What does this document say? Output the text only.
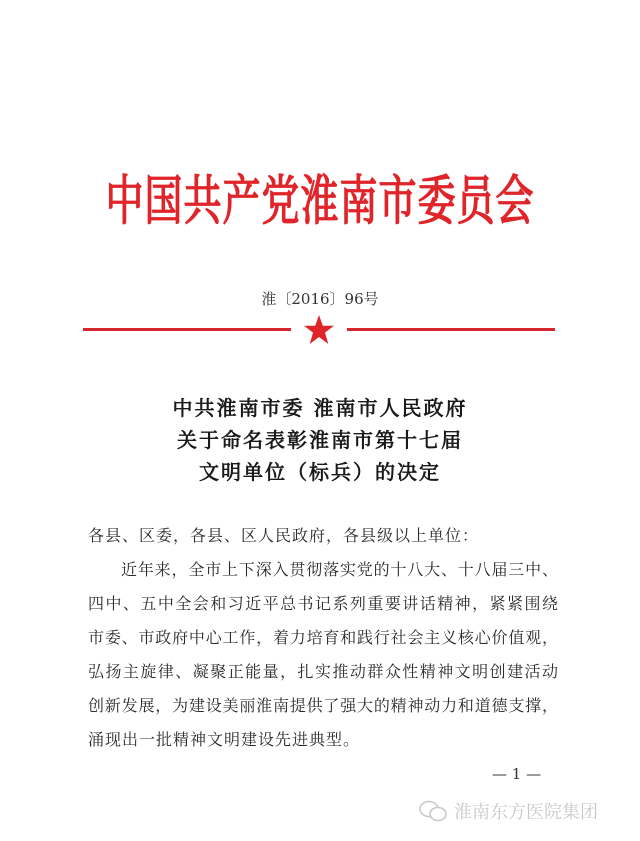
中国共产党淮南市委员会
淮〔2016〕96号
中共淮南市委 淮南市人民政府
关于命名表彰淮南市第十七届
文明单位（标兵）的决定
各县、区委，各县、区人民政府，各县级以上单位：
近年来，全市上下深入贯彻落实党的十八大、十八届三中、
四中、五中全会和习近平总书记系列重要讲话精神，紧紧围绕
市委、市政府中心工作，着力培育和践行社会主义核心价值观，
弘扬主旋律、凝聚正能量，扎实推动群众性精神文明创建活动
创新发展，为建设美丽淮南提供了强大的精神动力和道德支撑，
涌现出一批精神文明建设先进典型。
— 1 —
淮南东方医院集团
